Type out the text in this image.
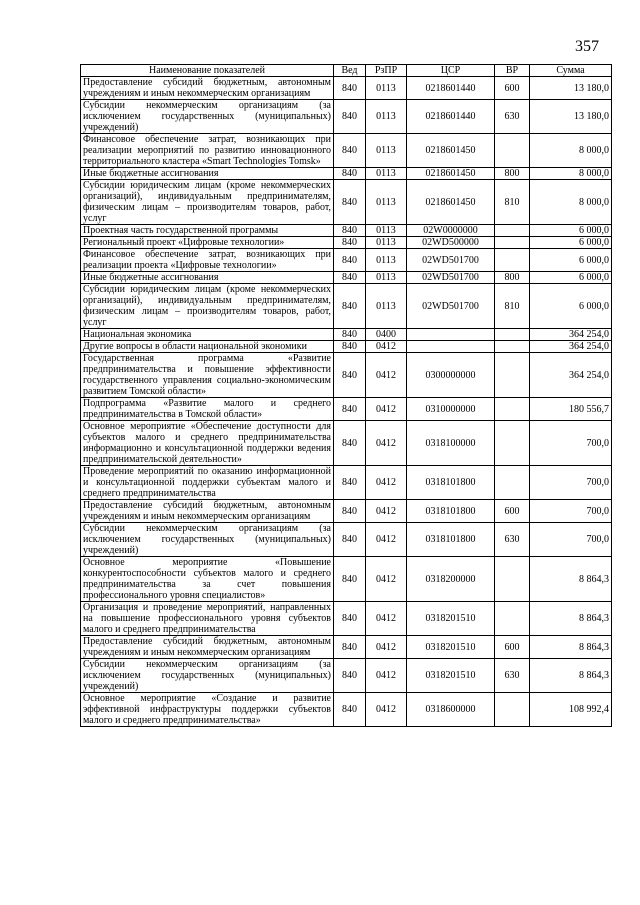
357
Наименование показателей	Вед	РзПР	ЦСР	ВР	Сумма
Предоставление субсидий бюджетным, автономным учреждениям и иным некоммерческим организациям	840	0113	0218601440	600	13 180,0
Субсидии некоммерческим организациям (за исключением государственных (муниципальных) учреждений)	840	0113	0218601440	630	13 180,0
Финансовое обеспечение затрат, возникающих при реализации мероприятий по развитию инновационного территориального кластера «Smart Technologies Tomsk»	840	0113	0218601450		8 000,0
Иные бюджетные ассигнования	840	0113	0218601450	800	8 000,0
Субсидии юридическим лицам (кроме некоммерческих организаций), индивидуальным предпринимателям, физическим лицам – производителям товаров, работ, услуг	840	0113	0218601450	810	8 000,0
Проектная часть государственной программы	840	0113	02W0000000		6 000,0
Региональный проект «Цифровые технологии»	840	0113	02WD500000		6 000,0
Финансовое обеспечение затрат, возникающих при реализации проекта «Цифровые технологии»	840	0113	02WD501700		6 000,0
Иные бюджетные ассигнования	840	0113	02WD501700	800	6 000,0
Субсидии юридическим лицам (кроме некоммерческих организаций), индивидуальным предпринимателям, физическим лицам – производителям товаров, работ, услуг	840	0113	02WD501700	810	6 000,0
Национальная экономика	840	0400			364 254,0
Другие вопросы в области национальной экономики	840	0412			364 254,0
Государственная программа «Развитие предпринимательства и повышение эффективности государственного управления социально-экономическим развитием Томской области»	840	0412	0300000000		364 254,0
Подпрограмма «Развитие малого и среднего предпринимательства в Томской области»	840	0412	0310000000		180 556,7
Основное мероприятие «Обеспечение доступности для субъектов малого и среднего предпринимательства информационно и консультационной поддержки ведения предпринимательской деятельности»	840	0412	0318100000		700,0
Проведение мероприятий по оказанию информационной и консультационной поддержки субъектам малого и среднего предпринимательства	840	0412	0318101800		700,0
Предоставление субсидий бюджетным, автономным учреждениям и иным некоммерческим организациям	840	0412	0318101800	600	700,0
Субсидии некоммерческим организациям (за исключением государственных (муниципальных) учреждений)	840	0412	0318101800	630	700,0
Основное мероприятие «Повышение конкурентоспособности субъектов малого и среднего предпринимательства за счет повышения профессионального уровня специалистов»	840	0412	0318200000		8 864,3
Организация и проведение мероприятий, направленных на повышение профессионального уровня субъектов малого и среднего предпринимательства	840	0412	0318201510		8 864,3
Предоставление субсидий бюджетным, автономным учреждениям и иным некоммерческим организациям	840	0412	0318201510	600	8 864,3
Субсидии некоммерческим организациям (за исключением государственных (муниципальных) учреждений)	840	0412	0318201510	630	8 864,3
Основное мероприятие «Создание и развитие эффективной инфраструктуры поддержки субъектов малого и среднего предпринимательства»	840	0412	0318600000		108 992,4
